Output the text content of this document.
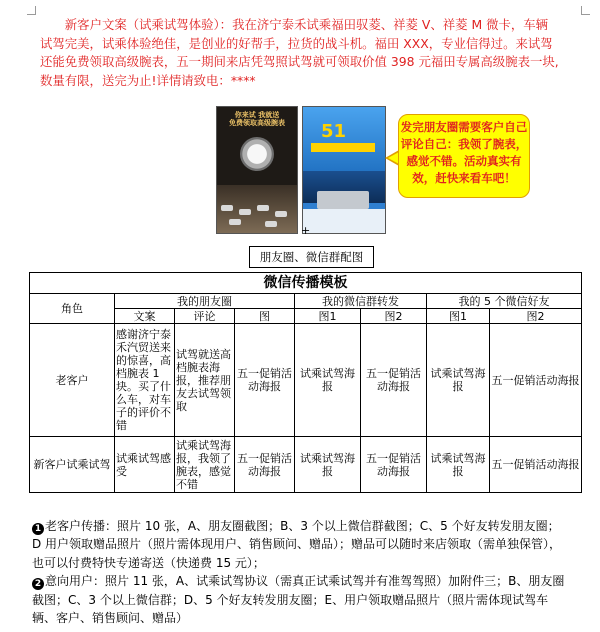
新客户文案（试乘试驾体验）：我在济宁泰禾试乘福田驭菱、祥菱 V、祥菱 M 微卡，车辆试驾完美，试乘体验绝佳，是创业的好帮手，拉货的战斗机。福田 XXX，专业信得过。来试驾还能免费领取高级腕表，五一期间来店凭驾照试驾就可领取价值 398 元福田专属高级腕表一块,数量有限，送完为止!详情请致电：****
你来试 我就送
免费领取高级腕表	51
+
发完朋友圈需要客户自己评论自己：我领了腕表，感觉不错。活动真实有效，赶快来看车吧！
朋友圈、微信群配图
微信传播模板							
角色	我的朋友圈			我的微信群转发		我的 5 个微信好友	
	文案	评论	图	图1	图2	图1	图2
老客户	感谢济宁泰禾汽贸送来的惊喜，高档腕表 1 块。买了什么车，对车子的评价不错	试驾就送高档腕表海报，推荐朋友去试驾领取	五一促销活动海报	试乘试驾海报	五一促销活动海报	试乘试驾海报	五一促销活动海报
新客户试乘试驾	试乘试驾感受	试乘试驾海报，我领了腕表，感觉不错	五一促销活动海报	试乘试驾海报	五一促销活动海报	试乘试驾海报	五一促销活动海报
1 老客户传播：照片 10 张，A、朋友圈截图；B、3 个以上微信群截图；C、5 个好友转发朋友圈；D 用户领取赠品照片（照片需体现用户、销售顾问、赠品）；赠品可以随时来店领取（需单独保管），也可以付费特快专递寄送（快递费 15 元）；
2 意向用户：照片 11 张，A、试乘试驾协议（需真正试乘试驾并有准驾驾照）加附件三；B、朋友圈截图；C、3 个以上微信群；D、5 个好友转发朋友圈；E、用户领取赠品照片（照片需体现试驾车辆、客户、销售顾问、赠品）
